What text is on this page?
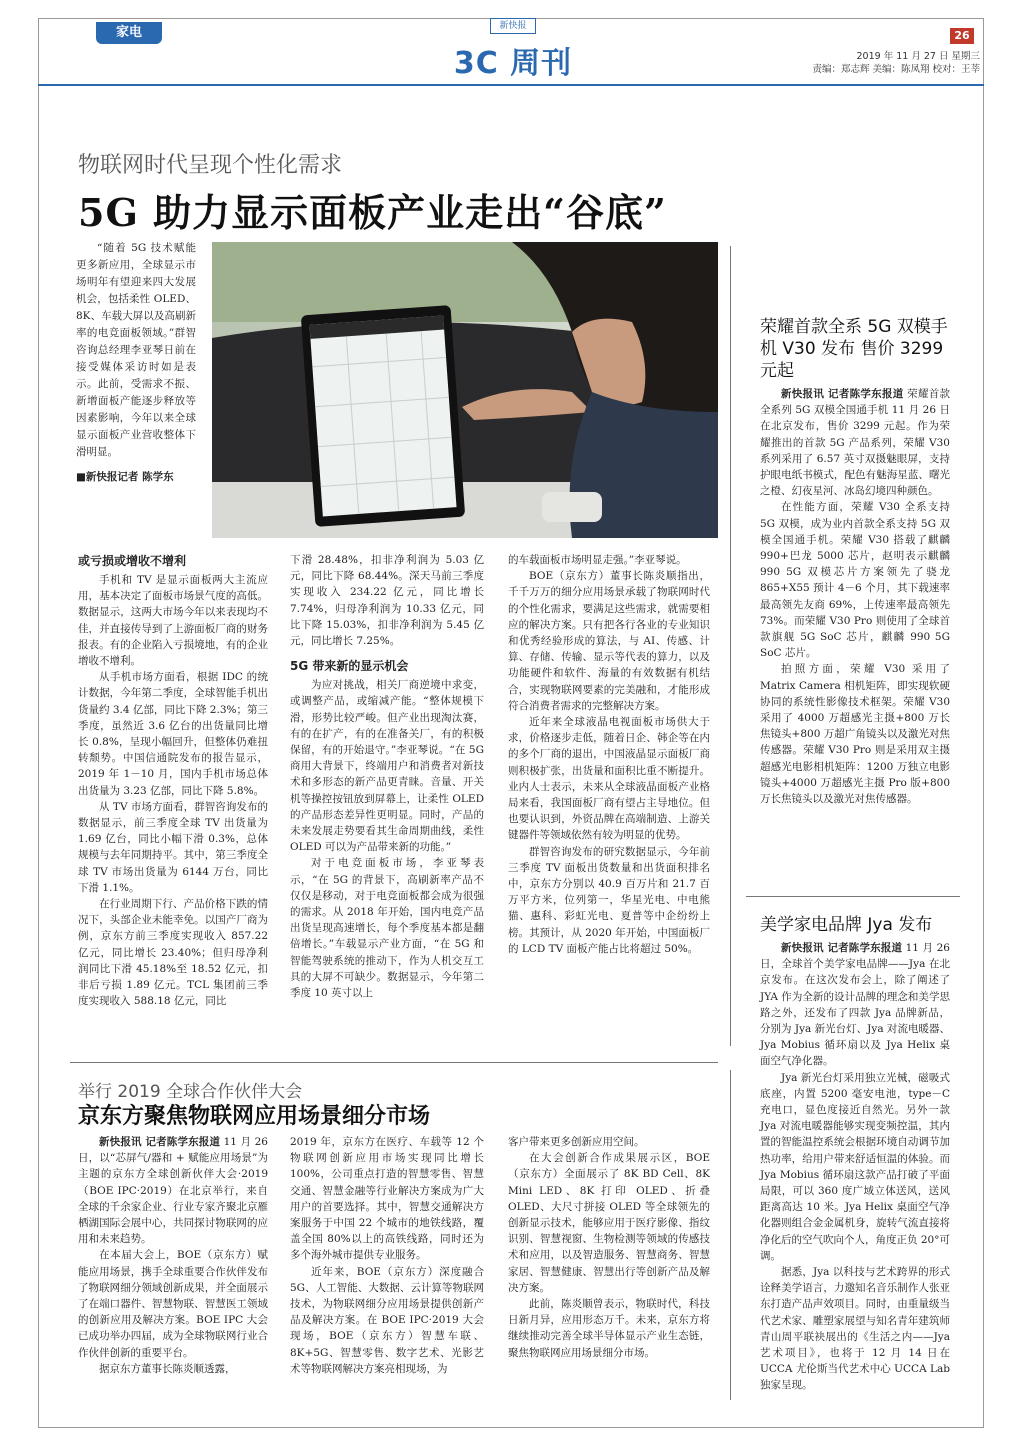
家电	新快报
3C 周刊
26
2019 年 11 月 27 日 星期三
责编：郑志辉 美编：陈凤翔 校对：王莘
物联网时代呈现个性化需求
5G 助力显示面板产业走出“谷底”
“随着 5G 技术赋能更多新应用，全球显示市场明年有望迎来四大发展机会，包括柔性 OLED、8K、车载大屏以及高刷新率的电竞面板领域。”群智咨询总经理李亚琴日前在接受媒体采访时如是表示。此前，受需求不振、新增面板产能逐步释放等因素影响，今年以来全球显示面板产业营收整体下滑明显。
■新快报记者 陈学东
或亏损或增收不增利

手机和 TV 是显示面板两大主流应用，基本决定了面板市场景气度的高低。数据显示，这两大市场今年以来表现均不佳，并直接传导到了上游面板厂商的财务报表。有的企业陷入亏损境地，有的企业增收不增利。

从手机市场方面看，根据 IDC 的统计数据，今年第二季度，全球智能手机出货量约 3.4 亿部，同比下降 2.3%；第三季度，虽然近 3.6 亿台的出货量同比增长 0.8%，呈现小幅回升，但整体仍难扭转颓势。中国信通院发布的报告显示，2019 年 1－10 月，国内手机市场总体出货量为 3.23 亿部，同比下降 5.8%。

从 TV 市场方面看，群智咨询发布的数据显示，前三季度全球 TV 出货量为 1.69 亿台，同比小幅下滑 0.3%，总体规模与去年同期持平。其中，第三季度全球 TV 市场出货量为 6144 万台，同比下滑 1.1%。

在行业周期下行、产品价格下跌的情况下，头部企业未能幸免。以国产厂商为例，京东方前三季度实现收入 857.22 亿元，同比增长 23.40%；但归母净利润同比下滑 45.18%至 18.52 亿元，扣非后亏损 1.89 亿元。TCL 集团前三季度实现收入 588.18 亿元，同比

下滑 28.48%，扣非净利润为 5.03 亿元，同比下降 68.44%。深天马前三季度实现收入 234.22 亿元，同比增长 7.74%，归母净利润为 10.33 亿元，同比下降 15.03%，扣非净利润为 5.45 亿元，同比增长 7.25%。

5G 带来新的显示机会

为应对挑战，相关厂商逆境中求变，或调整产品，或缩减产能。“整体规模下滑，形势比较严峻。但产业出现淘汰赛，有的在扩产，有的在准备关厂，有的积极保留，有的开始退守。”李亚琴说。“在 5G 商用大背景下，终端用户和消费者对新技术和多形态的新产品更青睐。音量、开关机等操控按钮放到屏幕上，让柔性 OLED 的产品形态差异性更明显。同时，产品的未来发展走势要看其生命周期曲线，柔性 OLED 可以为产品带来新的功能。”

对于电竞面板市场，李亚琴表示，“在 5G 的背景下，高刷新率产品不仅仅是移动，对于电竞面板都会成为很强的需求。从 2018 年开始，国内电竞产品出货呈现高速增长，每个季度基本都是翻倍增长。”车载显示产业方面，“在 5G 和智能驾驶系统的推动下，作为人机交互工具的大屏不可缺少。数据显示，今年第二季度 10 英寸以上

的车载面板市场明显走强。”李亚琴说。

BOE（京东方）董事长陈炎顺指出，千千万万的细分应用场景承载了物联网时代的个性化需求，要满足这些需求，就需要相应的解决方案。只有把各行各业的专业知识和优秀经验形成的算法，与 AI、传感、计算、存储、传输、显示等代表的算力，以及功能硬件和软件、海量的有效数据有机结合，实现物联网要素的完美融和，才能形成符合消费者需求的完整解决方案。

近年来全球液晶电视面板市场供大于求，价格逐步走低，随着日企、韩企等在内的多个厂商的退出，中国液晶显示面板厂商则积极扩张，出货量和面积比重不断提升。业内人士表示，未来从全球液晶面板产业格局来看，我国面板厂商有望占主导地位。但也要认识到，外资品牌在高端制造、上游关键器件等领域依然有较为明显的优势。

群智咨询发布的研究数据显示，今年前三季度 TV 面板出货数量和出货面积排名中，京东方分别以 40.9 百万片和 21.7 百万平方米，位列第一，华星光电、中电熊猫、惠科、彩虹光电、夏普等中企纷纷上榜。其预计，从 2020 年开始，中国面板厂的 LCD TV 面板产能占比将超过 50%。

荣耀首款全系 5G 双模手机 V30 发布 售价 3299 元起

新快报讯 记者陈学东报道 荣耀首款全系列 5G 双模全国通手机 11 月 26 日在北京发布，售价 3299 元起。作为荣耀推出的首款 5G 产品系列，荣耀 V30 系列采用了 6.57 英寸双摄魅眼屏，支持护眼电纸书模式，配色有魅海星蓝、曙光之橙、幻夜星河、冰岛幻境四种颜色。

在性能方面，荣耀 V30 全系支持 5G 双模，成为业内首款全系支持 5G 双模全国通手机。荣耀 V30 搭载了麒麟 990+巴龙 5000 芯片，赵明表示麒麟 990 5G 双模芯片方案领先了骁龙 865+X55 预计 4－6 个月，其下载速率最高领先友商 69%，上传速率最高领先 73%。而荣耀 V30 Pro 则使用了全球首款旗舰 5G SoC 芯片，麒麟 990 5G SoC 芯片。

拍照方面，荣耀 V30 采用了 Matrix Camera 相机矩阵，即实现软硬协同的系统性影像技术框架。荣耀 V30 采用了 4000 万超感光主摄+800 万长焦镜头+800 万超广角镜头以及激光对焦传感器。荣耀 V30 Pro 则是采用双主摄超感光电影相机矩阵：1200 万独立电影镜头+4000 万超感光主摄 Pro 版+800 万长焦镜头以及激光对焦传感器。

美学家电品牌 Jya 发布

新快报讯 记者陈学东报道 11 月 26 日，全球首个美学家电品牌——Jya 在北京发布。在这次发布会上，除了阐述了 JYA 作为全新的设计品牌的理念和美学思路之外，还发布了四款 Jya 品牌新品，分别为 Jya 新光台灯、Jya 对流电暖器、Jya Mobius 循环扇以及 Jya Helix 桌面空气净化器。

Jya 新光台灯采用独立光械，磁吸式底座，内置 5200 毫安电池，type－C 充电口，显色度接近自然光。另外一款 Jya 对流电暖器能够实现变频控温，其内置的智能温控系统会根据环境自动调节加热功率，给用户带来舒适恒温的体验。而 Jya Mobius 循环扇这款产品打破了平面局限，可以 360 度广域立体送风，送风距离高达 10 米。Jya Helix 桌面空气净化器则组合金金属机身，旋转气流直接将净化后的空气吹向个人，角度正负 20°可调。

据悉，Jya 以科技与艺术跨界的形式诠释美学语言，力邀知名音乐制作人张亚东打造产品声效项目。同时，由重量级当代艺术家、雕塑家展望与知名青年建筑师青山周平联袂展出的《生活之内——Jya 艺术项目》，也将于 12 月 14 日在 UCCA 尤伦斯当代艺术中心 UCCA Lab 独家呈现。

举行 2019 全球合作伙伴大会
京东方聚焦物联网应用场景细分市场

新快报讯 记者陈学东报道 11 月 26 日，以“芯屏气/器和 + 赋能应用场景”为主题的京东方全球创新伙伴大会·2019（BOE IPC·2019）在北京举行，来自全球的千余家企业、行业专家齐聚北京雁栖湖国际会展中心，共同探讨物联网的应用和未来趋势。

在本届大会上，BOE（京东方）赋能应用场景，携手全球重要合作伙伴发布了物联网细分领域创新成果，并全面展示了在端口器件、智慧物联、智慧医工领域的创新应用及解决方案。BOE IPC 大会已成功举办四届，成为全球物联网行业合作伙伴创新的重要平台。

据京东方董事长陈炎顺透露，

2019 年，京东方在医疗、车载等 12 个物联网创新应用市场实现同比增长 100%，公司重点打造的智慧零售、智慧交通、智慧金融等行业解决方案成为广大用户的首要选择。其中，智慧交通解决方案服务于中国 22 个城市的地铁线路，覆盖全国 80%以上的高铁线路，同时还为多个海外城市提供专业服务。

近年来，BOE（京东方）深度融合 5G、人工智能、大数据、云计算等物联网技术，为物联网细分应用场景提供创新产品及解决方案。在 BOE IPC·2019 大会现场，BOE（京东方）智慧车联、8K+5G、智慧零售、数字艺术、光影艺术等物联网解决方案亮相现场，为

客户带来更多创新应用空间。

在大会创新合作成果展示区，BOE（京东方）全面展示了 8K BD Cell、8K Mini LED、8K 打印 OLED、折叠 OLED、大尺寸拼接 OLED 等全球领先的创新显示技术，能够应用于医疗影像、指纹识别、智慧视窗、生物检测等领域的传感技术和应用，以及智造服务、智慧商务、智慧家居、智慧健康、智慧出行等创新产品及解决方案。

此前，陈炎顺曾表示，物联时代，科技日新月异，应用形态万千。未来，京东方将继续推动完善全球半导体显示产业生态链，聚焦物联网应用场景细分市场。
